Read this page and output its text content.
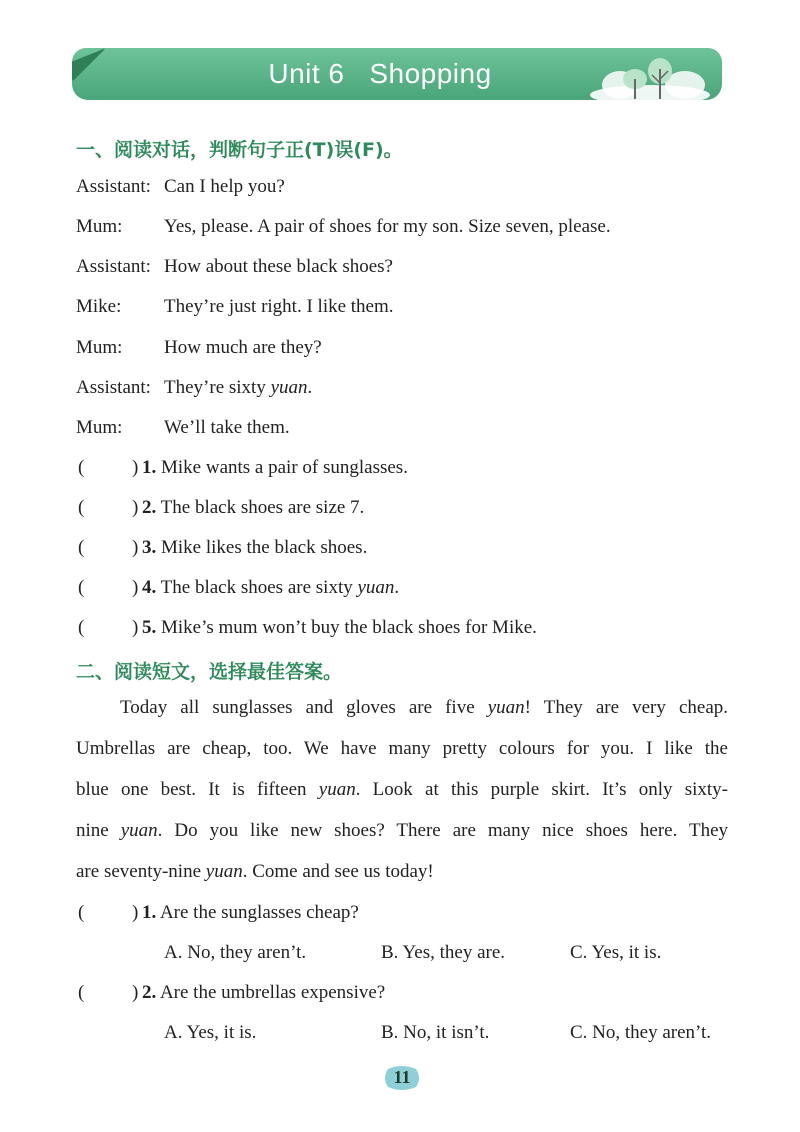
Unit 6   Shopping
一、阅读对话，判断句子正(T)误(F)。
Assistant: Can I help you?
Mum: Yes, please. A pair of shoes for my son. Size seven, please.
Assistant: How about these black shoes?
Mike: They’re just right. I like them.
Mum: How much are they?
Assistant: They’re sixty yuan.
Mum: We’ll take them.
(	) 1. Mike wants a pair of sunglasses.
(	) 2. The black shoes are size 7.
(	) 3. Mike likes the black shoes.
(	) 4. The black shoes are sixty yuan.
(	) 5. Mike’s mum won’t buy the black shoes for Mike.
二、阅读短文，选择最佳答案。
Today all sunglasses and gloves are five yuan! They are very cheap.
Umbrellas are cheap, too. We have many pretty colours for you. I like the
blue one best. It is fifteen yuan. Look at this purple skirt. It’s only sixty-
nine yuan. Do you like new shoes? There are many nice shoes here. They
are seventy-nine yuan. Come and see us today!
(	) 1. Are the sunglasses cheap?
A. No, they aren’t.	B. Yes, they are.	C. Yes, it is.
(	) 2. Are the umbrellas expensive?
A. Yes, it is.	B. No, it isn’t.	C. No, they aren’t.
11
